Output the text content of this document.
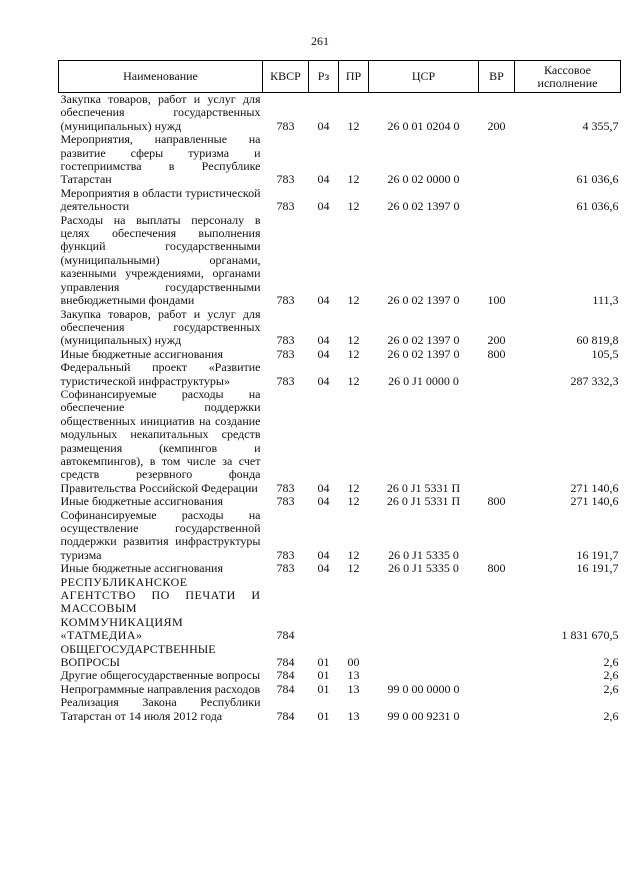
261
Наименование	КВСР	Рз	ПР	ЦСР	ВР	Кассовое исполнение
Закупка товаров, работ и услуг для обеспечения государственных (муниципальных) нужд	783	04	12	26 0 01 0204 0	200	4 355,7
Мероприятия, направленные на развитие сферы туризма и гостеприимства в Республике Татарстан	783	04	12	26 0 02 0000 0		61 036,6
Мероприятия в области туристической деятельности	783	04	12	26 0 02 1397 0		61 036,6
Расходы на выплаты персоналу в целях обеспечения выполнения функций государственными (муниципальными) органами, казенными учреждениями, органами управления государственными внебюджетными фондами	783	04	12	26 0 02 1397 0	100	111,3
Закупка товаров, работ и услуг для обеспечения государственных (муниципальных) нужд	783	04	12	26 0 02 1397 0	200	60 819,8
Иные бюджетные ассигнования	783	04	12	26 0 02 1397 0	800	105,5
Федеральный проект «Развитие туристической инфраструктуры»	783	04	12	26 0 J1 0000 0		287 332,3
Софинансируемые расходы на обеспечение поддержки общественных инициатив на создание модульных некапитальных средств размещения (кемпингов и автокемпингов), в том числе за счет средств резервного фонда Правительства Российской Федерации	783	04	12	26 0 J1 5331 П		271 140,6
Иные бюджетные ассигнования	783	04	12	26 0 J1 5331 П	800	271 140,6
Софинансируемые расходы на осуществление государственной поддержки развития инфраструктуры туризма	783	04	12	26 0 J1 5335 0		16 191,7
Иные бюджетные ассигнования	783	04	12	26 0 J1 5335 0	800	16 191,7
РЕСПУБЛИКАНСКОЕ АГЕНТСТВО ПО ПЕЧАТИ И МАССОВЫМ КОММУНИКАЦИЯМ «ТАТМЕДИА»	784					1 831 670,5
ОБЩЕГОСУДАРСТВЕННЫЕ ВОПРОСЫ	784	01	00			2,6
Другие общегосударственные вопросы	784	01	13			2,6
Непрограммные направления расходов	784	01	13	99 0 00 0000 0		2,6
Реализация Закона Республики Татарстан от 14 июля 2012 года	784	01	13	99 0 00 9231 0		2,6
